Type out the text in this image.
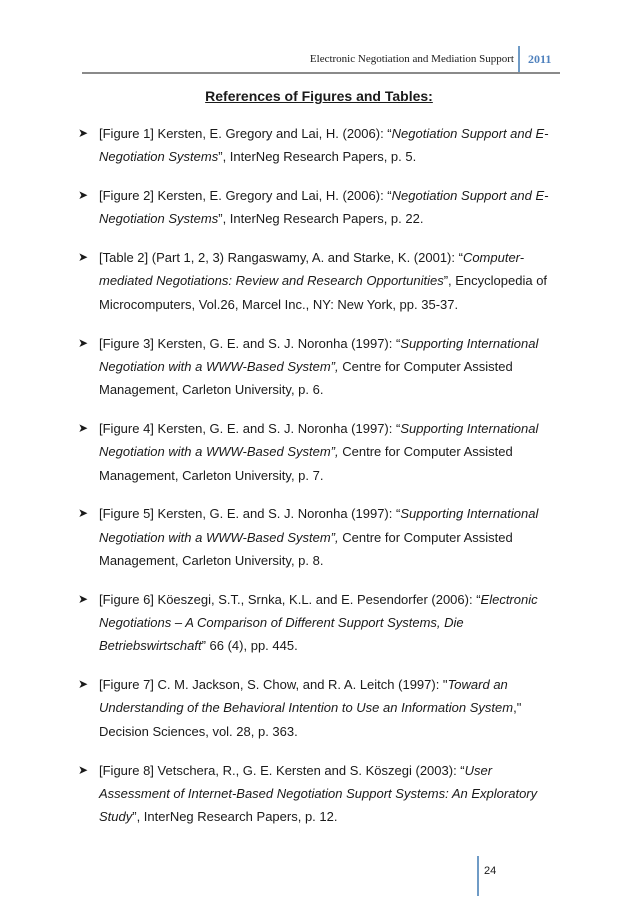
Electronic Negotiation and Mediation Support 2011
References of Figures and Tables:
➤ [Figure 1] Kersten, E. Gregory and Lai, H. (2006): “Negotiation Support and E-Negotiation Systems”, InterNeg Research Papers, p. 5.
➤ [Figure 2] Kersten, E. Gregory and Lai, H. (2006): “Negotiation Support and E-Negotiation Systems”, InterNeg Research Papers, p. 22.
➤ [Table 2] (Part 1, 2, 3) Rangaswamy, A. and Starke, K. (2001): “Computer-mediated Negotiations: Review and Research Opportunities”, Encyclopedia of Microcomputers, Vol.26, Marcel Inc., NY: New York, pp. 35-37.
➤ [Figure 3] Kersten, G. E. and S. J. Noronha (1997): “Supporting International Negotiation with a WWW-Based System”, Centre for Computer Assisted Management, Carleton University, p. 6.
➤ [Figure 4] Kersten, G. E. and S. J. Noronha (1997): “Supporting International Negotiation with a WWW-Based System”, Centre for Computer Assisted Management, Carleton University, p. 7.
➤ [Figure 5] Kersten, G. E. and S. J. Noronha (1997): “Supporting International Negotiation with a WWW-Based System”, Centre for Computer Assisted Management, Carleton University, p. 8.
➤ [Figure 6] Köeszegi, S.T., Srnka, K.L. and E. Pesendorfer (2006): “Electronic Negotiations – A Comparison of Different Support Systems, Die Betriebswirtschaft” 66 (4), pp. 445.
➤ [Figure 7] C. M. Jackson, S. Chow, and R. A. Leitch (1997): "Toward an Understanding of the Behavioral Intention to Use an Information System," Decision Sciences, vol. 28, p. 363.
➤ [Figure 8] Vetschera, R., G. E. Kersten and S. Köszegi (2003): “User Assessment of Internet-Based Negotiation Support Systems: An Exploratory Study”, InterNeg Research Papers, p. 12.
24
